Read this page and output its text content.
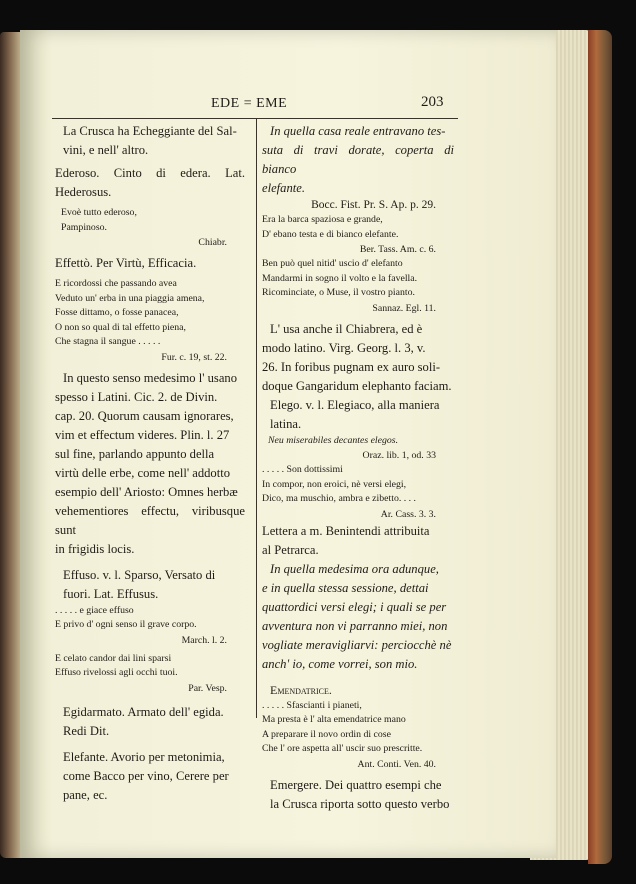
EDE = EME	203
La Crusca ha Echeggiante del Sal-
vini, e nell' altro.
Ederoso. Cinto di edera. Lat. Hederosus.
Evoè tutto ederoso,
Pampinoso.
Chiabr.
Effettò. Per Virtù, Efficacia.
E ricordossi che passando avea
Veduto un' erba in una piaggia amena,
Fosse dittamo, o fosse panacea,
O non so qual di tal effetto piena,
Che stagna il sangue . . . . .
Fur. c. 19, st. 22.
In questo senso medesimo l' usano
spesso i Latini. Cic. 2. de Divin.
cap. 20. Quorum causam ignorares,
vim et effectum videres. Plin. l. 27
sul fine, parlando appunto della
virtù delle erbe, come nell' addotto
esempio dell' Ariosto: Omnes herbæ
vehementiores effectu, viribusque sunt
in frigidis locis.
Effuso. v. l. Sparso, Versato di
fuori. Lat. Effusus.
. . . . . e giace effuso
E privo d' ogni senso il grave corpo.
March. l. 2.
E celato candor dai lini sparsi
Effuso rivelossi agli occhi tuoi.
Par. Vesp.
Egidarmato. Armato dell' egida.
Redi Dit.
Elefante. Avorio per metonimia,
come Bacco per vino, Cerere per
pane, ec.
In quella casa reale entravano tes-
suta di travi dorate, coperta di bianco
elefante.
Bocc. Fist. Pr. S. Ap. p. 29.
Era la barca spaziosa e grande,
D' ebano testa e di bianco elefante.
Ber. Tass. Am. c. 6.
Ben può quel nitid' uscio d' elefanto
Mandarmi in sogno il volto e la favella.
Ricominciate, o Muse, il vostro pianto.
Sannaz. Egl. 11.
L' usa anche il Chiabrera, ed è
modo latino. Virg. Georg. l. 3, v.
26. In foribus pugnam ex auro soli-
doque Gangaridum elephanto faciam.
Elego. v. l. Elegiaco, alla maniera
latina.
Neu miserabiles decantes elegos.
Oraz. lib. 1, od. 33
. . . . . Son dottissimi
In compor, non eroici, nè versi elegi,
Dico, ma muschio, ambra e zibetto. . . .
Ar. Cass. 3. 3.
Lettera a m. Benintendi attribuita
al Petrarca.
In quella medesima ora adunque,
e in quella stessa sessione, dettai
quattordici versi elegi; i quali se per
avventura non vi parranno miei, non
vogliate meravigliarvi: perciocchè nè
anch' io, come vorrei, son mio.
Emendatrice.
. . . . . Sfascianti i pianeti,
Ma presta è l' alta emendatrice mano
A preparare il novo ordin di cose
Che l' ore aspetta all' uscir suo prescritte.
Ant. Conti. Ven. 40.
Emergere. Dei quattro esempi che
la Crusca riporta sotto questo verbo
